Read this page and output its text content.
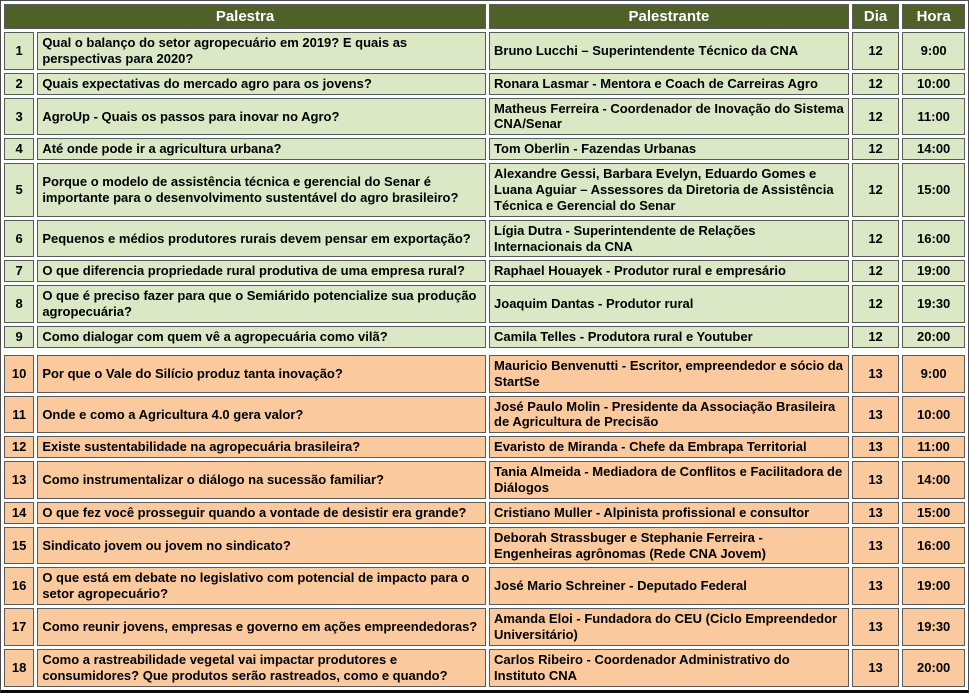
Palestra		Palestrante	Dia	Hora
1	Qual o balanço do setor agropecuário em 2019? E quais as perspectivas para 2020?	Bruno Lucchi – Superintendente Técnico da CNA	12	9:00
2	Quais expectativas do mercado agro para os jovens?	Ronara Lasmar - Mentora e Coach de Carreiras Agro	12	10:00
3	AgroUp - Quais os passos para inovar no Agro?	Matheus Ferreira - Coordenador de Inovação do Sistema CNA/Senar	12	11:00
4	Até onde pode ir a agricultura urbana?	Tom Oberlin - Fazendas Urbanas	12	14:00
5	Porque o modelo de assistência técnica e gerencial do Senar é importante para o desenvolvimento sustentável do agro brasileiro?	Alexandre Gessi, Barbara Evelyn, Eduardo Gomes e Luana Aguiar – Assessores da Diretoria de Assistência Técnica e Gerencial do Senar	12	15:00
6	Pequenos e médios produtores rurais devem pensar em exportação?	Lígia Dutra - Superintendente de Relações Internacionais da CNA	12	16:00
7	O que diferencia propriedade rural produtiva de uma empresa rural?	Raphael Houayek - Produtor rural e empresário	12	19:00
8	O que é preciso fazer para que o Semiárido potencialize sua produção agropecuária?	Joaquim Dantas - Produtor rural	12	19:30
9	Como dialogar com quem vê a agropecuária como vilã?	Camila Telles - Produtora rural e Youtuber	12	20:00

10	Por que o Vale do Silício produz tanta inovação?	Mauricio Benvenutti - Escritor, empreendedor e sócio da StartSe	13	9:00
11	Onde e como a Agricultura 4.0 gera valor?	José Paulo Molin - Presidente da Associação Brasileira de Agricultura de Precisão	13	10:00
12	Existe sustentabilidade na agropecuária brasileira?	Evaristo de Miranda - Chefe da Embrapa Territorial	13	11:00
13	Como instrumentalizar o diálogo na sucessão familiar?	Tania Almeida - Mediadora de Conflitos e Facilitadora de Diálogos	13	14:00
14	O que fez você prosseguir quando a vontade de desistir era grande?	Cristiano Muller - Alpinista profissional e consultor	13	15:00
15	Sindicato jovem ou jovem no sindicato?	Deborah Strassbuger e Stephanie Ferreira - Engenheiras agrônomas (Rede CNA Jovem)	13	16:00
16	O que está em debate no legislativo com potencial de impacto para o setor agropecuário?	José Mario Schreiner - Deputado Federal	13	19:00
17	Como reunir jovens, empresas e governo em ações empreendedoras?	Amanda Eloi - Fundadora do CEU (Ciclo Empreendedor Universitário)	13	19:30
18	Como a rastreabilidade vegetal vai impactar produtores e consumidores? Que produtos serão rastreados, como e quando?	Carlos Ribeiro - Coordenador Administrativo do Instituto CNA	13	20:00
